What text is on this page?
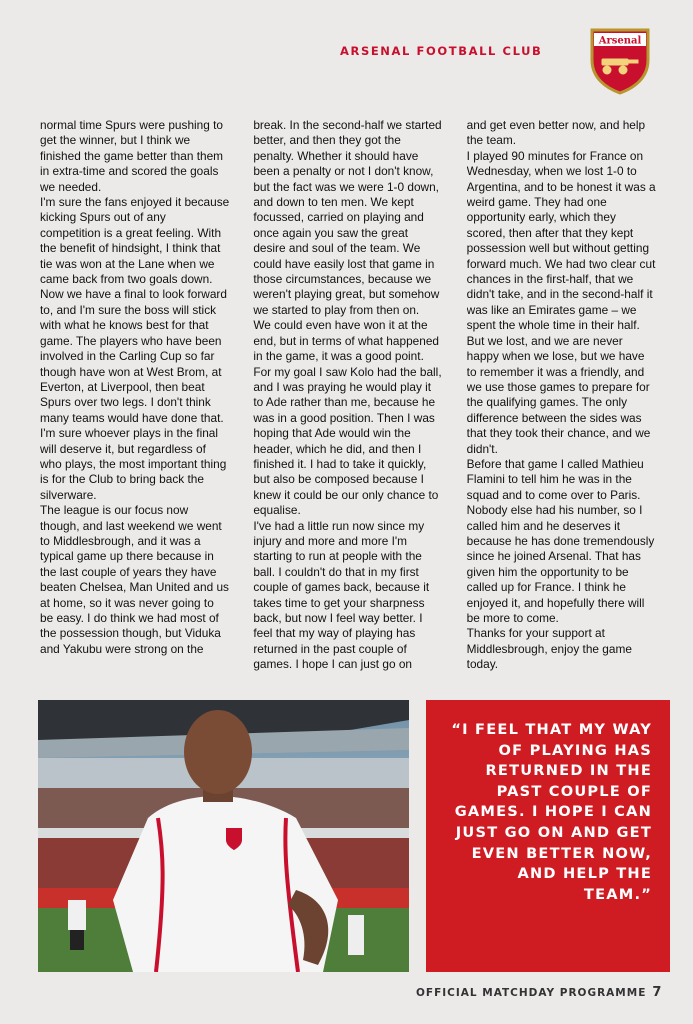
ARSENAL FOOTBALL CLUB
Arsenal

normal time Spurs were pushing to get the winner, but I think we finished the game better than them in extra-time and scored the goals we needed.

I'm sure the fans enjoyed it because kicking Spurs out of any competition is a great feeling. With the benefit of hindsight, I think that tie was won at the Lane when we came back from two goals down.

Now we have a final to look forward to, and I'm sure the boss will stick with what he knows best for that game. The players who have been involved in the Carling Cup so far though have won at West Brom, at Everton, at Liverpool, then beat Spurs over two legs. I don't think many teams would have done that. I'm sure whoever plays in the final will deserve it, but regardless of who plays, the most important thing is for the Club to bring back the silverware.

The league is our focus now though, and last weekend we went to Middlesbrough, and it was a typical game up there because in the last couple of years they have beaten Chelsea, Man United and us at home, so it was never going to be easy. I do think we had most of the possession though, but Viduka and Yakubu were strong on the

break. In the second-half we started better, and then they got the penalty. Whether it should have been a penalty or not I don't know, but the fact was we were 1-0 down, and down to ten men. We kept focussed, carried on playing and once again you saw the great desire and soul of the team. We could have easily lost that game in those circumstances, because we weren't playing great, but somehow we started to play from then on.

We could even have won it at the end, but in terms of what happened in the game, it was a good point.

For my goal I saw Kolo had the ball, and I was praying he would play it to Ade rather than me, because he was in a good position. Then I was hoping that Ade would win the header, which he did, and then I finished it. I had to take it quickly, but also be composed because I knew it could be our only chance to equalise.

I've had a little run now since my injury and more and more I'm starting to run at people with the ball. I couldn't do that in my first couple of games back, because it takes time to get your sharpness back, but now I feel way better. I feel that my way of playing has returned in the past couple of games. I hope I can just go on

and get even better now, and help the team.

I played 90 minutes for France on Wednesday, when we lost 1-0 to Argentina, and to be honest it was a weird game. They had one opportunity early, which they scored, then after that they kept possession well but without getting forward much. We had two clear cut chances in the first-half, that we didn't take, and in the second-half it was like an Emirates game – we spent the whole time in their half.

But we lost, and we are never happy when we lose, but we have to remember it was a friendly, and we use those games to prepare for the qualifying games. The only difference between the sides was that they took their chance, and we didn't.

Before that game I called Mathieu Flamini to tell him he was in the squad and to come over to Paris. Nobody else had his number, so I called him and he deserves it because he has done tremendously since he joined Arsenal. That has given him the opportunity to be called up for France. I think he enjoyed it, and hopefully there will be more to come.

Thanks for your support at Middlesbrough, enjoy the game today.

“I FEEL THAT MY WAY OF PLAYING HAS RETURNED IN THE PAST COUPLE OF GAMES. I HOPE I CAN JUST GO ON AND GET EVEN BETTER NOW, AND HELP THE TEAM.”
OFFICIAL MATCHDAY PROGRAMME 7
